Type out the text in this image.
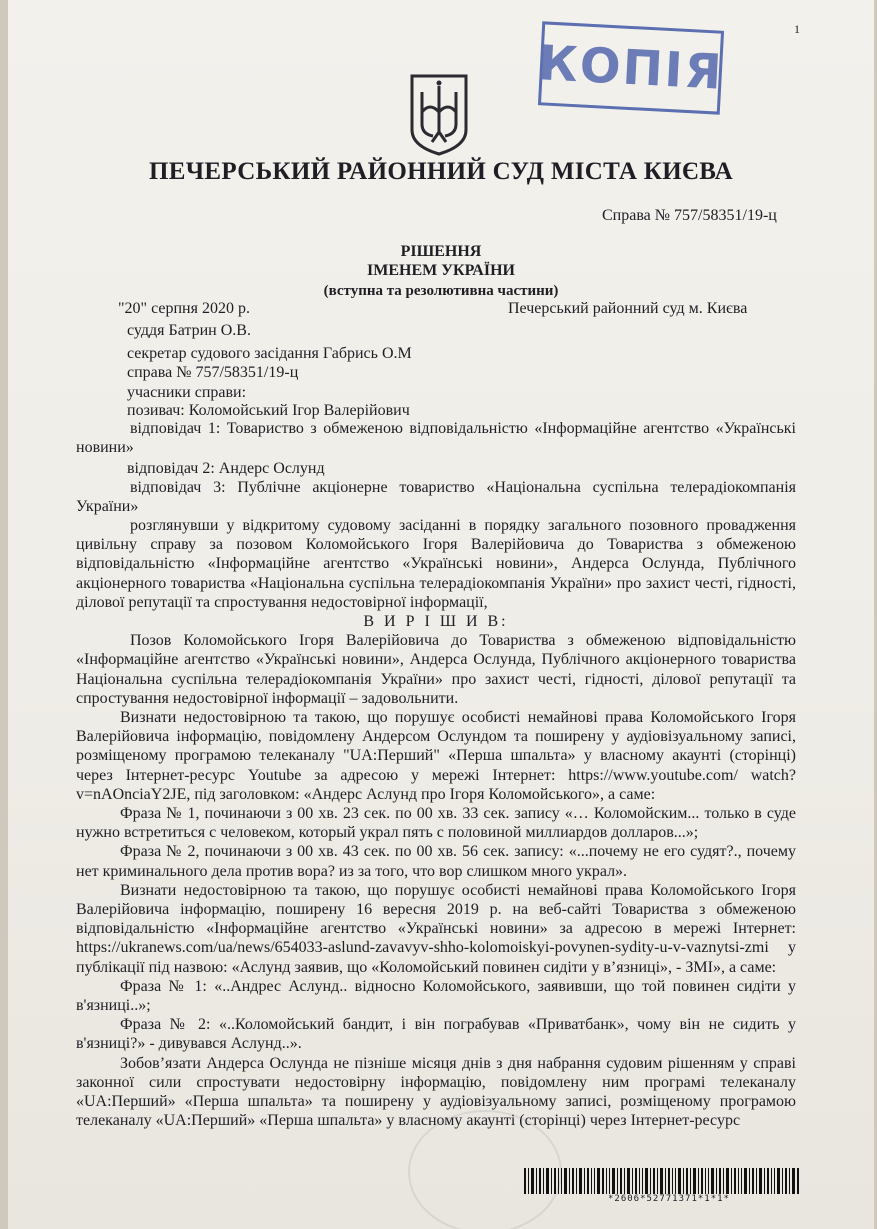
1
КОПІЯ
ПЕЧЕРСЬКИЙ РАЙОННИЙ СУД МІСТА КИЄВА
Справа № 757/58351/19-ц
РІШЕННЯ
ІМЕНЕМ УКРАЇНИ
(вступна та резолютивна частини)
"20" серпня 2020 р.	Печерський районний суд м. Києва
суддя Батрин О.В.
секретар судового засідання Габрись О.М
справа № 757/58351/19-ц
учасники справи:
позивач: Коломойський Ігор Валерійович

відповідач 1: Товариство з обмеженою відповідальністю «Інформаційне агентство «Українські новини»

відповідач 2: Андерс Ослунд

відповідач 3: Публічне акціонерне товариство «Національна суспільна телерадіокомпанія України»

розглянувши у відкритому судовому засіданні в порядку загального позовного провадження цивільну справу за позовом Коломойського Ігоря Валерійовича до Товариства з обмеженою відповідальністю «Інформаційне агентство «Українські новини», Андерса Ослунда, Публічного акціонерного товариства «Національна суспільна телерадіокомпанія України» про захист честі, гідності, ділової репутації та спростування недостовірної інформації,

В И Р І Ш И В:

Позов Коломойського Ігоря Валерійовича до Товариства з обмеженою відповідальністю «Інформаційне агентство «Українські новини», Андерса Ослунда, Публічного акціонерного товариства Національна суспільна телерадіокомпанія України» про захист честі, гідності, ділової репутації та спростування недостовірної інформації – задовольнити.

Визнати недостовірною та такою, що порушує особисті немайнові права Коломойського Ігоря Валерійовича інформацію, повідомлену Андерсом Ослундом та поширену у аудіовізуальному записі, розміщеному програмою телеканалу "UA:Перший" «Перша шпальта» у власному акаунті (сторінці) через Інтернет-ресурс Youtube за адресою у мережі Інтернет: https://www.youtube.com/ watch?v=nAOnciaY2JE, під заголовком: «Андерс Аслунд про Ігоря Коломойського», а саме:

Фраза № 1, починаючи з 00 хв. 23 сек. по 00 хв. 33 сек. запису «… Коломойским... только в суде нужно встретиться с человеком, который украл пять с половиной миллиардов долларов...»;

Фраза № 2, починаючи з 00 хв. 43 сек. по 00 хв. 56 сек. запису: «...почему не его судят?., почему нет криминального дела против вора? из за того, что вор слишком много украл».

Визнати недостовірною та такою, що порушує особисті немайнові права Коломойського Ігоря Валерійовича інформацію, поширену 16 вересня 2019 р. на веб-сайті Товариства з обмеженою відповідальністю «Інформаційне агентство «Українські новини» за адресою в мережі Інтернет: https://ukranews.com/ua/news/654033-aslund-zavavyv-shho-kolomoiskyi-povynen-sydity-u-v-vaznytsi-zmi у публікації під назвою: «Аслунд заявив, що «Коломойський повинен сидіти у в’язниці», - ЗМІ», а саме:

Фраза № 1: «..Андрес Аслунд.. відносно Коломойського, заявивши, що той повинен сидіти у в'язниці..»;

Фраза № 2: «..Коломойський бандит, і він пограбував «Приватбанк», чому він не сидить у в'язниці?» - дивувався Аслунд..».

Зобов’язати Андерса Ослунда не пізніше місяця днів з дня набрання судовим рішенням у справі законної сили спростувати недостовірну інформацію, повідомлену ним програмі телеканалу «UA:Перший» «Перша шпальта» та поширену у аудіовізуальному записі, розміщеному програмою телеканалу «UA:Перший» «Перша шпальта» у власному акаунті (сторінці) через Інтернет-ресурс

*2606*52771371*1*1*
